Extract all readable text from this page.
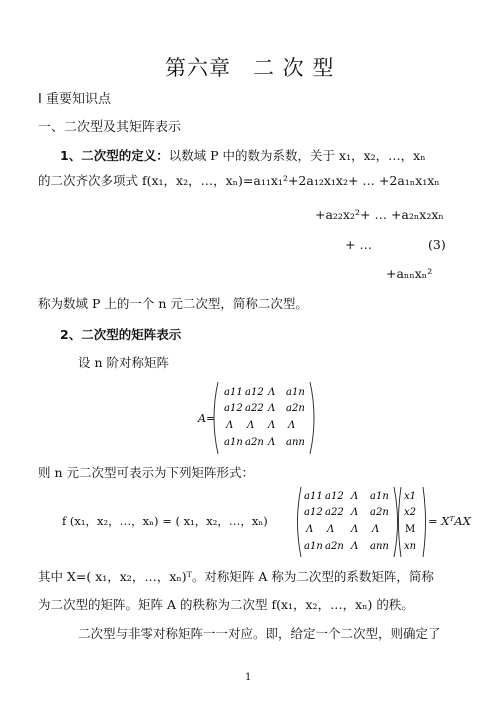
第六章　二 次 型
Ⅰ 重要知识点
一、二次型及其矩阵表示
1、二次型的定义：以数域 P 中的数为系数，关于 x₁，x₂，…，xₙ
的二次齐次多项式 f(x₁，x₂，…，xₙ)=a₁₁x₁²+2a₁₂x₁x₂+ … +2a₁ₙx₁xₙ
+a₂₂x₂²+ … +a₂ₙx₂xₙ
+ …	(3)
+aₙₙxₙ²
称为数域 P 上的一个 n 元二次型，简称二次型。
2、二次型的矩阵表示
设 n 阶对称矩阵
A=
a11 a12 Λ a1n
a12 a22 Λ a2n
Λ Λ Λ Λ
a1n a2n Λ ann
则 n 元二次型可表示为下列矩阵形式：
f (x₁，x₂，…，xₙ) = ( x₁，x₂，…，xₙ)
a11 a12 Λ a1n
a12 a22 Λ a2n
Λ Λ Λ Λ
a1n a2n Λ ann
x1
x2
M
xn
= XᵀAX
其中 X=( x₁，x₂，…，xₙ)ᵀ。对称矩阵 A 称为二次型的系数矩阵，简称
为二次型的矩阵。矩阵 A 的秩称为二次型 f(x₁，x₂，…，xₙ) 的秩。
二次型与非零对称矩阵一一对应。即，给定一个二次型，则确定了
1
